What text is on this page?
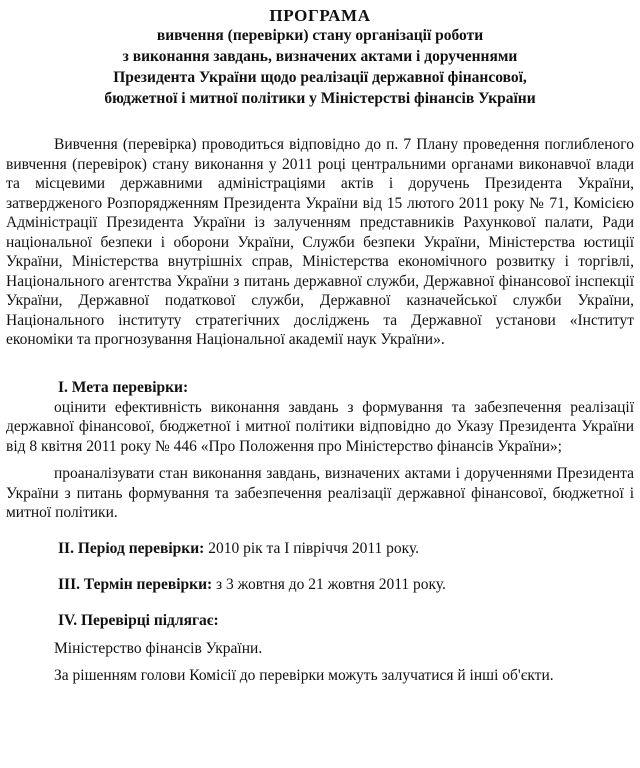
ПРОГРАМА
вивчення (перевірки) стану організації роботи
з виконання завдань, визначених актами і дорученнями
Президента України щодо реалізації державної фінансової,
бюджетної і митної політики у Міністерстві фінансів України

Вивчення (перевірка) проводиться відповідно до п. 7 Плану проведення поглибленого вивчення (перевірок) стану виконання у 2011 році центральними органами виконавчої влади та місцевими державними адміністраціями актів і доручень Президента України, затвердженого Розпорядженням Президента України від 15 лютого 2011 року № 71, Комісією Адміністрації Президента України із залученням представників Рахункової палати, Ради національної безпеки і оборони України, Служби безпеки України, Міністерства юстиції України, Міністерства внутрішніх справ, Міністерства економічного розвитку і торгівлі, Національного агентства України з питань державної служби, Державної фінансової інспекції України, Державної податкової служби, Державної казначейської служби України, Національного інституту стратегічних досліджень та Державної установи «Інститут економіки та прогнозування Національної академії наук України».

I. Мета перевірки:

оцінити ефективність виконання завдань з формування та забезпечення реалізації державної фінансової, бюджетної і митної політики відповідно до Указу Президента України від 8 квітня 2011 року № 446 «Про Положення про Міністерство фінансів України»;

проаналізувати стан виконання завдань, визначених актами і дорученнями Президента України з питань формування та забезпечення реалізації державної фінансової, бюджетної і митної політики.

II. Період перевірки: 2010 рік та І півріччя 2011 року.
III. Термін перевірки: з 3 жовтня до 21 жовтня 2011 року.
IV. Перевірці підлягає:

Міністерство фінансів України.

За рішенням голови Комісії до перевірки можуть залучатися й інші об'єкти.
